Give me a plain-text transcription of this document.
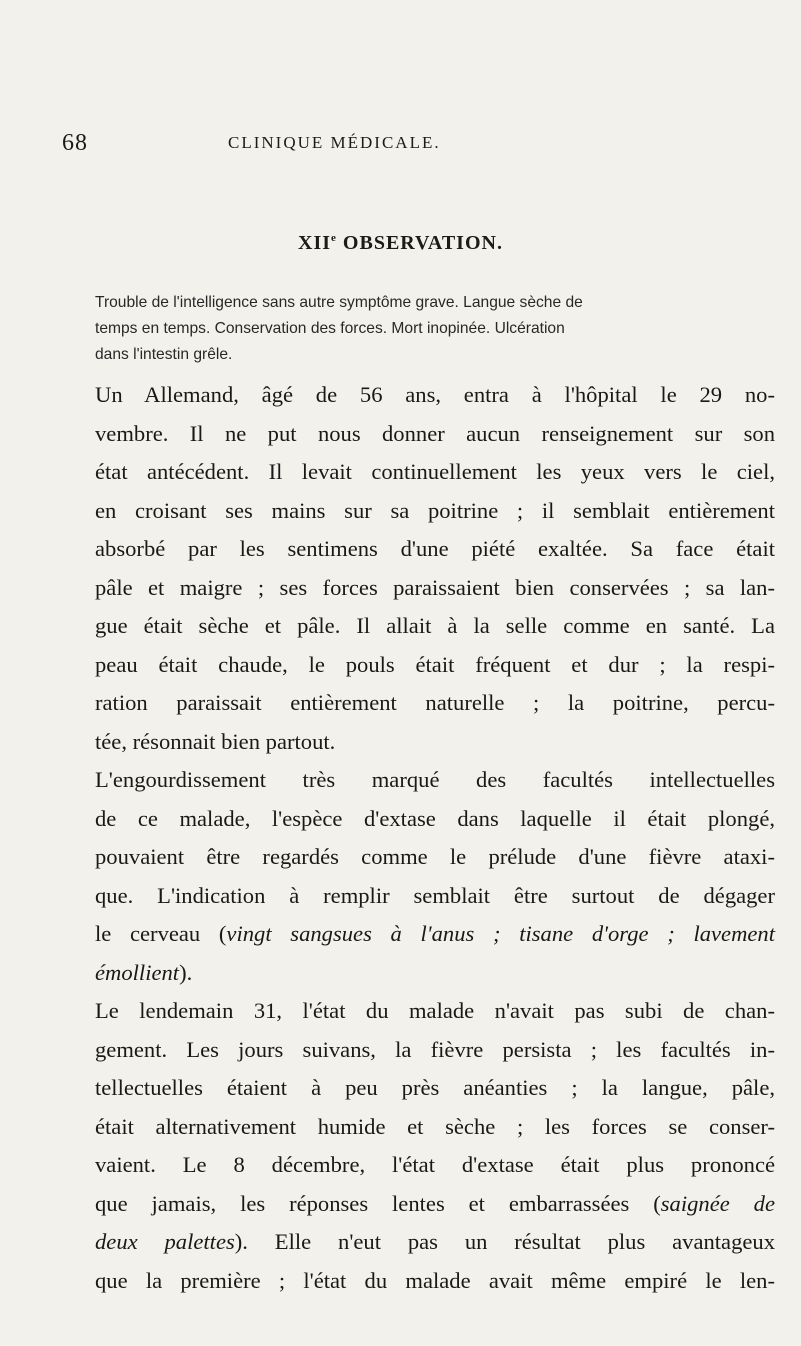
68	CLINIQUE MÉDICALE.
XIIe OBSERVATION.
Trouble de l'intelligence sans autre symptôme grave. Langue sèche de
temps en temps. Conservation des forces. Mort inopinée. Ulcération
dans l'intestin grêle.
Un Allemand, âgé de 56 ans, entra à l'hôpital le 29 no-
vembre. Il ne put nous donner aucun renseignement sur son
état antécédent. Il levait continuellement les yeux vers le ciel,
en croisant ses mains sur sa poitrine ; il semblait entièrement
absorbé par les sentimens d'une piété exaltée. Sa face était
pâle et maigre ; ses forces paraissaient bien conservées ; sa lan-
gue était sèche et pâle. Il allait à la selle comme en santé. La
peau était chaude, le pouls était fréquent et dur ; la respi-
ration paraissait entièrement naturelle ; la poitrine, percu-
tée, résonnait bien partout.
L'engourdissement très marqué des facultés intellectuelles
de ce malade, l'espèce d'extase dans laquelle il était plongé,
pouvaient être regardés comme le prélude d'une fièvre ataxi-
que. L'indication à remplir semblait être surtout de dégager
le cerveau (vingt sangsues à l'anus ; tisane d'orge ; lavement
émollient).
Le lendemain 31, l'état du malade n'avait pas subi de chan-
gement. Les jours suivans, la fièvre persista ; les facultés in-
tellectuelles étaient à peu près anéanties ; la langue, pâle,
était alternativement humide et sèche ; les forces se conser-
vaient. Le 8 décembre, l'état d'extase était plus prononcé
que jamais, les réponses lentes et embarrassées (saignée de
deux palettes). Elle n'eut pas un résultat plus avantageux
que la première ; l'état du malade avait même empiré le len-
